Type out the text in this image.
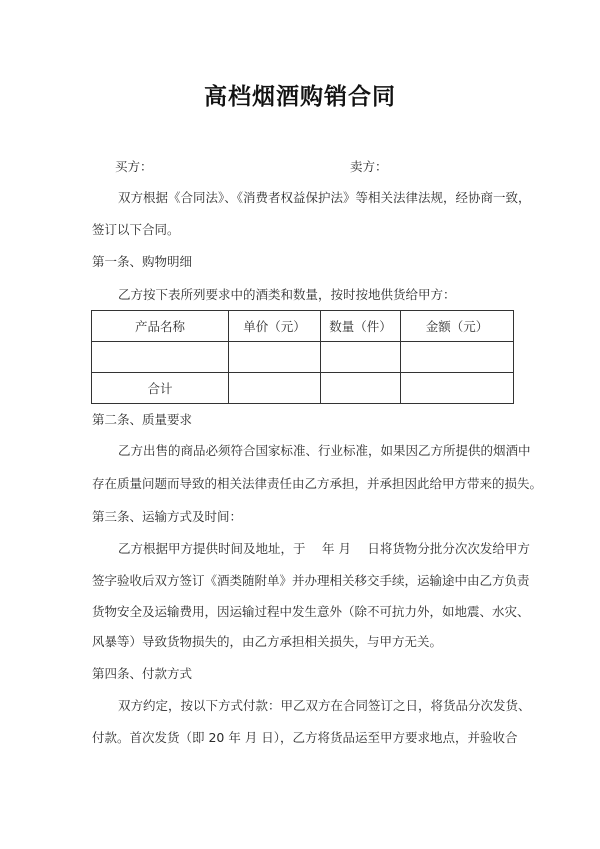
高档烟酒购销合同
买方：	卖方：
双方根据《合同法》、《消费者权益保护法》等相关法律法规，经协商一致，
签订以下合同。
第一条、购物明细
乙方按下表所列要求中的酒类和数量，按时按地供货给甲方：
产品名称	单价（元）	数量（件）	金额（元）

合计			
第二条、质量要求
乙方出售的商品必须符合国家标准、行业标准，如果因乙方所提供的烟酒中
存在质量问题而导致的相关法律责任由乙方承担，并承担因此给甲方带来的损失。
第三条、运输方式及时间：
乙方根据甲方提供时间及地址，于　 年 月　 日将货物分批分次次发给甲方
签字验收后双方签订《酒类随附单》并办理相关移交手续，运输途中由乙方负责
货物安全及运输费用，因运输过程中发生意外（除不可抗力外，如地震、水灾、
风暴等）导致货物损失的，由乙方承担相关损失，与甲方无关。
第四条、付款方式
双方约定，按以下方式付款：甲乙双方在合同签订之日，将货品分次发货、
付款。首次发货（即 20 年 月 日），乙方将货品运至甲方要求地点，并验收合
